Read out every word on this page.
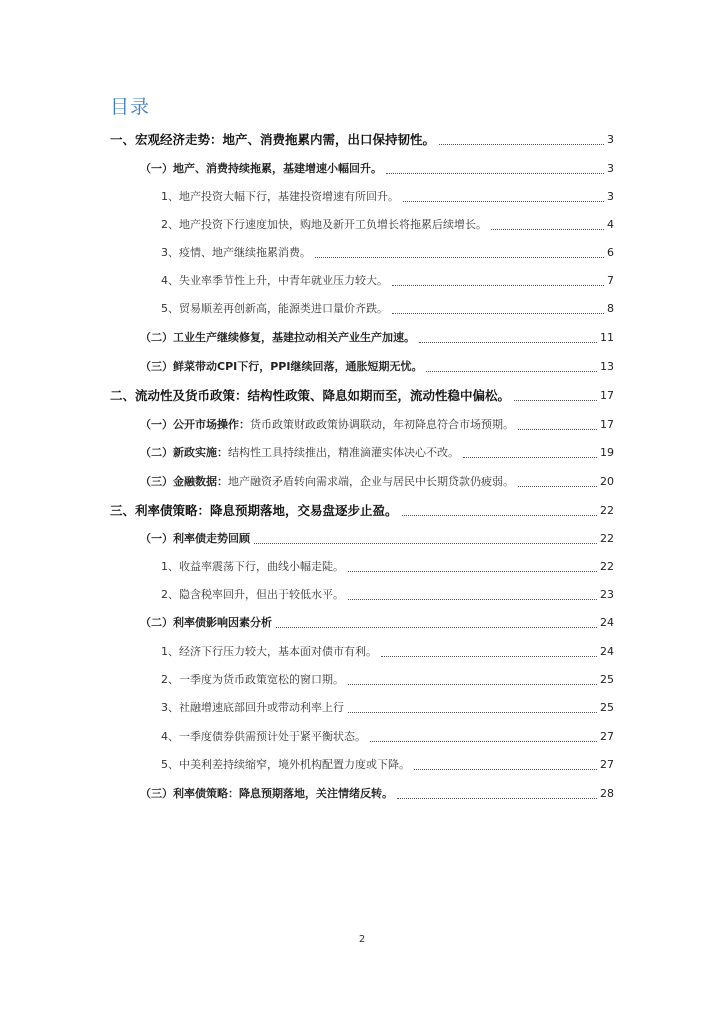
目录
一、宏观经济走势：地产、消费拖累内需，出口保持韧性。	3
（一）地产、消费持续拖累，基建增速小幅回升。	3
1、地产投资大幅下行，基建投资增速有所回升。	3
2、地产投资下行速度加快，购地及新开工负增长将拖累后续增长。	4
3、疫情、地产继续拖累消费。	6
4、失业率季节性上升，中青年就业压力较大。	7
5、贸易顺差再创新高，能源类进口量价齐跌。	8
（二）工业生产继续修复，基建拉动相关产业生产加速。	11
（三）鲜菜带动CPI下行，PPI继续回落，通胀短期无忧。	13
二、流动性及货币政策：结构性政策、降息如期而至，流动性稳中偏松。	17
（一）公开市场操作：货币政策财政政策协调联动，年初降息符合市场预期。	17
（二）新政实施：结构性工具持续推出，精准滴灌实体决心不改。	19
（三）金融数据：地产融资矛盾转向需求端，企业与居民中长期贷款仍疲弱。	20
三、利率债策略：降息预期落地，交易盘逐步止盈。	22
（一）利率债走势回顾	22
1、收益率震荡下行，曲线小幅走陡。	22
2、隐含税率回升，但出于较低水平。	23
（二）利率债影响因素分析	24
1、经济下行压力较大，基本面对债市有利。	24
2、一季度为货币政策宽松的窗口期。	25
3、社融增速底部回升或带动利率上行	25
4、一季度债券供需预计处于紧平衡状态。	27
5、中美利差持续缩窄，境外机构配置力度或下降。	27
（三）利率债策略：降息预期落地，关注情绪反转。	28
2
